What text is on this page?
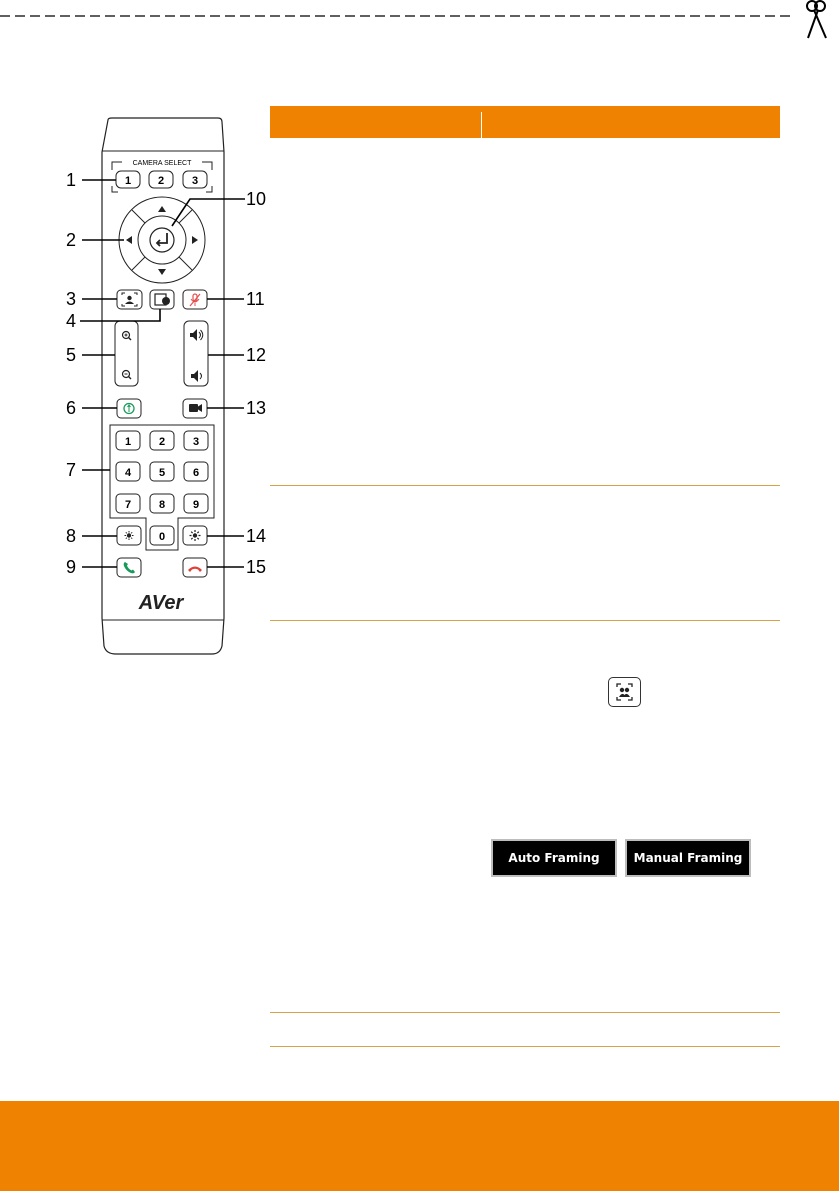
CAMERA SELECT
1 2	3
1	2	3
4	5	6
7	8	9
0
AVer
1
2
3
4
5
6
7
8
9
10
11
12
13
14
15
Auto Framing	Manual Framing
